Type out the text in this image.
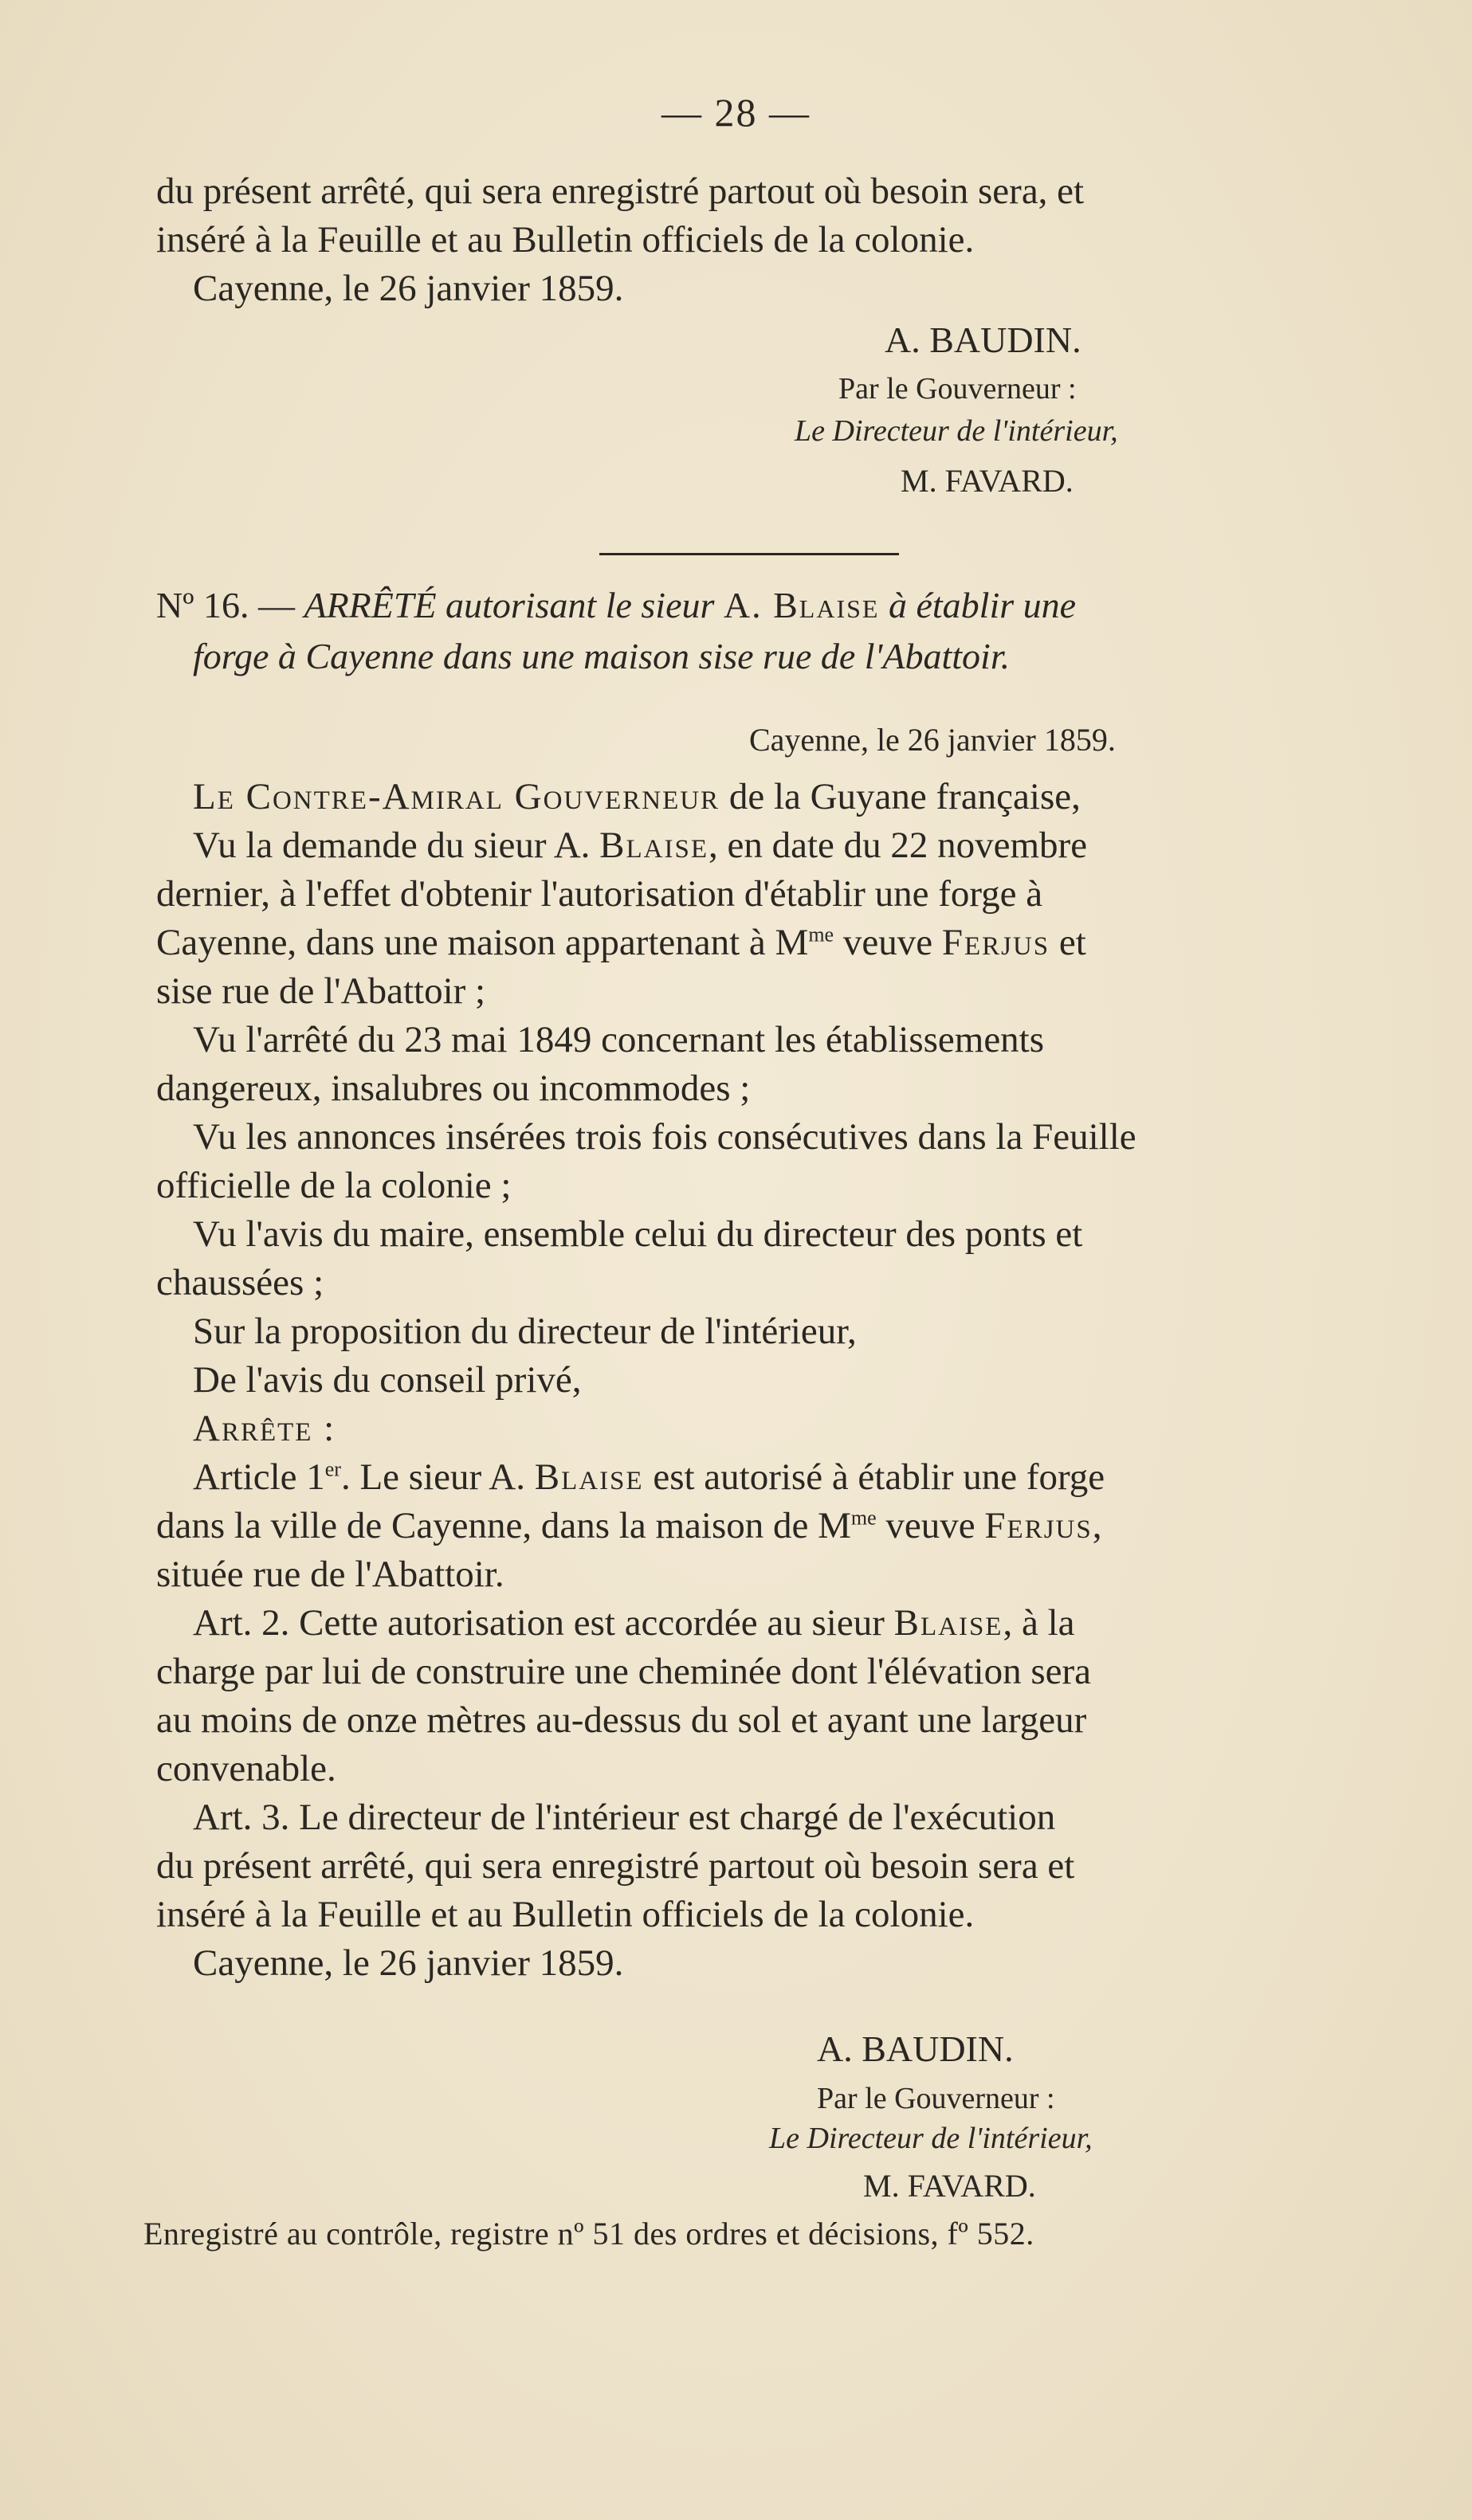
— 28 —
du présent arrêté, qui sera enregistré partout où besoin sera, et
inséré à la Feuille et au Bulletin officiels de la colonie.
Cayenne, le 26 janvier 1859.
A. BAUDIN.
Par le Gouverneur :
Le Directeur de l'intérieur,
M. FAVARD.
Nº 16. — ARRÊTÉ autorisant le sieur A. Blaise à établir une
forge à Cayenne dans une maison sise rue de l'Abattoir.
Cayenne, le 26 janvier 1859.
Le Contre-Amiral Gouverneur de la Guyane française,
Vu la demande du sieur A. Blaise, en date du 22 novembre
dernier, à l'effet d'obtenir l'autorisation d'établir une forge à
Cayenne, dans une maison appartenant à $M^{me}$ veuve Ferjus et
sise rue de l'Abattoir ;
Vu l'arrêté du 23 mai 1849 concernant les établissements
dangereux, insalubres ou incommodes ;
Vu les annonces insérées trois fois consécutives dans la Feuille
officielle de la colonie ;
Vu l'avis du maire, ensemble celui du directeur des ponts et
chaussées ;
Sur la proposition du directeur de l'intérieur,
De l'avis du conseil privé,
Arrête :
Article 1er. Le sieur A. Blaise est autorisé à établir une forge
dans la ville de Cayenne, dans la maison de $M^{me}$ veuve Ferjus,
située rue de l'Abattoir.
Art. 2. Cette autorisation est accordée au sieur Blaise, à la
charge par lui de construire une cheminée dont l'élévation sera
au moins de onze mètres au-dessus du sol et ayant une largeur
convenable.
Art. 3. Le directeur de l'intérieur est chargé de l'exécution
du présent arrêté, qui sera enregistré partout où besoin sera et
inséré à la Feuille et au Bulletin officiels de la colonie.
Cayenne, le 26 janvier 1859.
A. BAUDIN.
Par le Gouverneur :
Le Directeur de l'intérieur,
M. FAVARD.
Enregistré au contrôle, registre nº 51 des ordres et décisions, fº 552.
